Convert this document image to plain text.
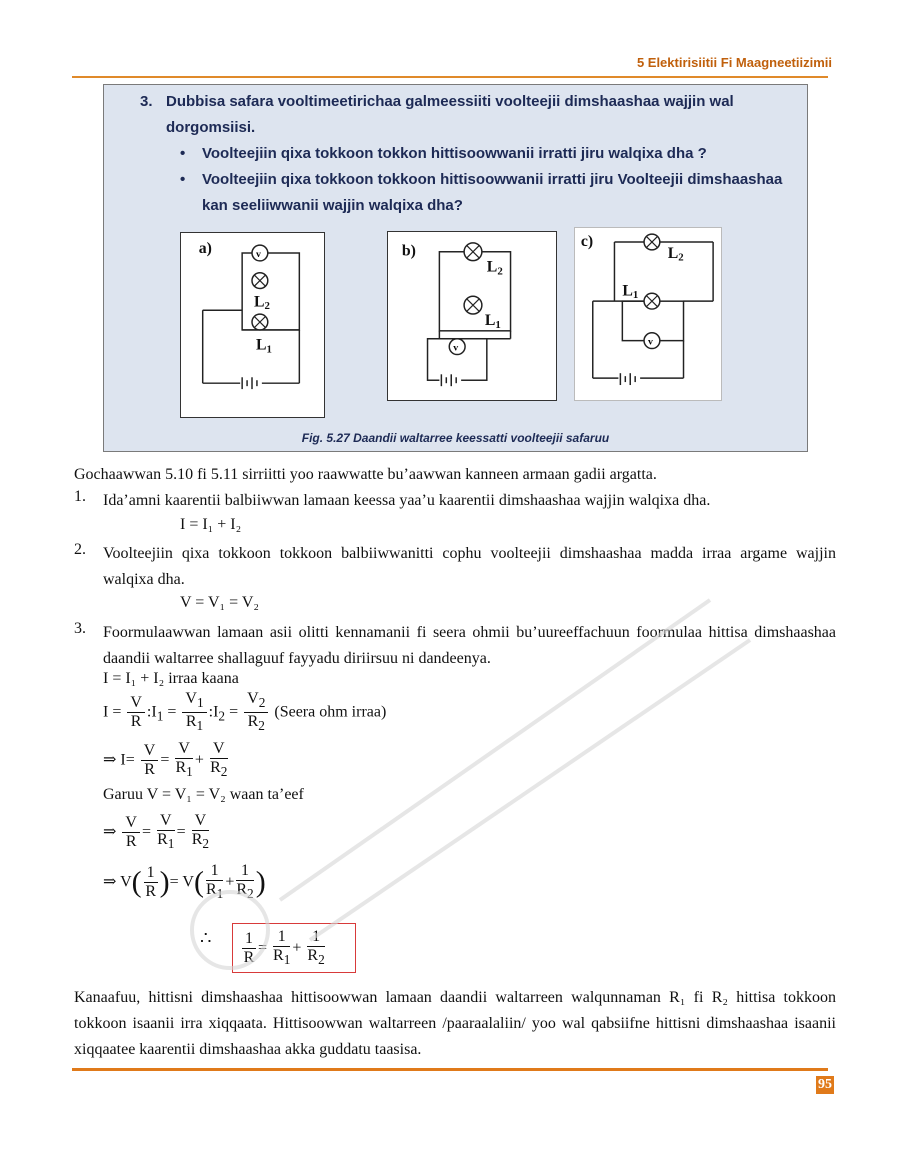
5 Elektirisiitii Fi Maagneetiizimii
3. Dubbisa safara vooltimeetirichaa galmeessiiti voolteejii dimshaashaa wajjin wal dorgomsiisi.
• Voolteejiin qixa tokkoon tokkon hittisoowwanii irratti jiru walqixa dha ?
• Voolteejiin qixa tokkoon tokkoon hittisoowwanii irratti jiru Voolteejii dimshaashaa kan seeliiwwanii wajjin walqixa dha?
a)	v
L2
L1
b)
v
L2
L1
c)
v
L2
L1
Fig. 5.27 Daandii waltarree keessatti voolteejii safaruu
Gochaawwan 5.10 fi 5.11 sirriitti yoo raawwatte bu’aawwan kanneen armaan gadii argatta.
1. Ida’amni kaarentii balbiiwwan lamaan keessa yaa’u kaarentii dimshaashaa wajjin walqixa dha.
I = I₁ + I₂
2. Voolteejiin qixa tokkoon tokkoon balbiiwwanitti cophu voolteejii dimshaashaa madda irraa argame wajjin walqixa dha.
V = V₁ = V₂
3. Foormulaawwan lamaan asii olitti kennamanii fi seera ohmii bu’uureeffachuun foormulaa hittisa dimshaashaa daandii waltarree shallaguuf fayyadu diriirsuu ni dandeenya.
I = I₁ + I₂ irraa kaana
$I = \frac{V}{R}$ $:I_1 = \frac{V_1}{R_1}$ $:I_2 = \frac{V_2}{R_2}$ (Seera ohm irraa)
⇒ $I= \frac{V}{R} = \frac{V}{R_1} + \frac{V}{R_2}$
Garuu V = V₁ = V₂ waan ta’eef
⇒ $\frac{V}{R} = \frac{V}{R_1} = \frac{V}{R_2}$
⇒ $V( \frac{1}{R}$ )= $V( \frac{1}{R_1} + \frac{1}{R_2}$ )
∴ $\frac{1}{R} = \frac{1}{R_1} + \frac{1}{R_2}$
Kanaafuu, hittisni dimshaashaa hittisoowwan lamaan daandii waltarreen walqunnaman R₁ fi R₂ hittisa tokkoon tokkoon isaanii irra xiqqaata. Hittisoowwan waltarreen /paaraalaliin/ yoo wal qabsiifne hittisni dimshaashaa isaanii xiqqaatee kaarentii dimshaashaa akka guddatu taasisa.
95
